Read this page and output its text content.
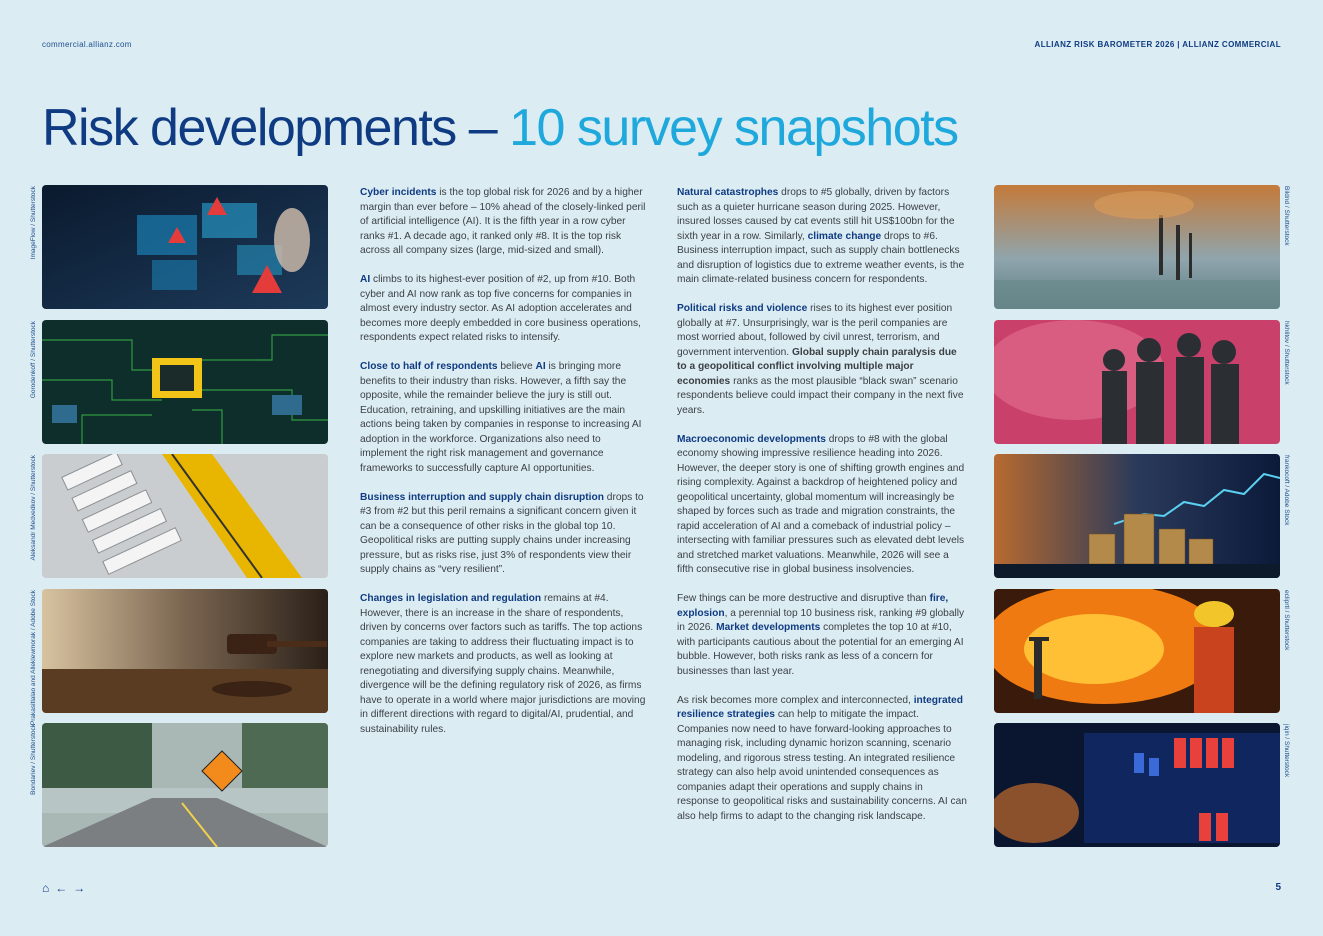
commercial.allianz.com	ALLIANZ RISK BAROMETER 2026 | ALLIANZ COMMERCIAL
Risk developments – 10 survey snapshots
ImageFlow / Shutterstock
Gorodenkoff / Shutterstock
Aleksandr Medvedkov / Shutterstock
Prakasitlalao and Alleklewmorak / Adobe Stock
Bondariev / Shutterstock

Cyber incidents is the top global risk for 2026 and by a higher margin than ever before – 10% ahead of the closely-linked peril of artificial intelligence (AI). It is the fifth year in a row cyber ranks #1. A decade ago, it ranked only #8. It is the top risk across all company sizes (large, mid-sized and small).

AI climbs to its highest-ever position of #2, up from #10. Both cyber and AI now rank as top five concerns for companies in almost every industry sector. As AI adoption accelerates and becomes more deeply embedded in core business operations, respondents expect related risks to intensify.

Close to half of respondents believe AI is bringing more benefits to their industry than risks. However, a fifth say the opposite, while the remainder believe the jury is still out. Education, retraining, and upskilling initiatives are the main actions being taken by companies in response to increasing AI adoption in the workforce. Organizations also need to implement the right risk management and governance frameworks to successfully capture AI opportunities.

Business interruption and supply chain disruption drops to #3 from #2 but this peril remains a significant concern given it can be a consequence of other risks in the global top 10. Geopolitical risks are putting supply chains under increasing pressure, but as risks rise, just 3% of respondents view their supply chains as “very resilient”.

Changes in legislation and regulation remains at #4. However, there is an increase in the share of respondents, driven by concerns over factors such as tariffs. The top actions companies are taking to address their fluctuating impact is to explore new markets and products, as well as looking at renegotiating and diversifying supply chains. Meanwhile, divergence will be the defining regulatory risk of 2026, as firms have to operate in a world where major jurisdictions are moving in different directions with regard to digital/AI, prudential, and sustainability rules.

Natural catastrophes drops to #5 globally, driven by factors such as a quieter hurricane season during 2025. However, insured losses caused by cat events still hit US$100bn for the sixth year in a row. Similarly, climate change drops to #6. Business interruption impact, such as supply chain bottlenecks and disruption of logistics due to extreme weather events, is the main climate-related business concern for respondents.

Political risks and violence rises to its highest ever position globally at #7. Unsurprisingly, war is the peril companies are most worried about, followed by civil unrest, terrorism, and government intervention. Global supply chain paralysis due to a geopolitical conflict involving multiple major economies ranks as the most plausible “black swan” scenario respondents believe could impact their company in the next five years.

Macroeconomic developments drops to #8 with the global economy showing impressive resilience heading into 2026. However, the deeper story is one of shifting growth engines and rising complexity. Against a backdrop of heightened policy and geopolitical uncertainty, global momentum will increasingly be shaped by forces such as trade and migration constraints, the rapid acceleration of AI and a comeback of industrial policy – intersecting with familiar pressures such as elevated debt levels and stretched market valuations. Meanwhile, 2026 will see a fifth consecutive rise in global business insolvencies.

Few things can be more destructive and disruptive than fire, explosion, a perennial top 10 business risk, ranking #9 globally in 2026. Market developments completes the top 10 at #10, with participants cautious about the potential for an emerging AI bubble. However, both risks rank as less of a concern for businesses than last year.

As risk becomes more complex and interconnected, integrated resilience strategies can help to mitigate the impact. Companies now need to have forward-looking approaches to managing risk, including dynamic horizon scanning, scenario modeling, and rigorous stress testing. An integrated resilience strategy can also help avoid unintended consequences as companies adapt their operations and supply chains in response to geopolitical risks and sustainability concerns. AI can also help firms to adapt to the changing risk landscape.

Bildnd / Shutterstock
hkhlitov / Shutterstock
frankocoft / Adobe Stock
ecliprtl / Shutterstock
jiqin / Shutterstock
⌂ ← →	5
